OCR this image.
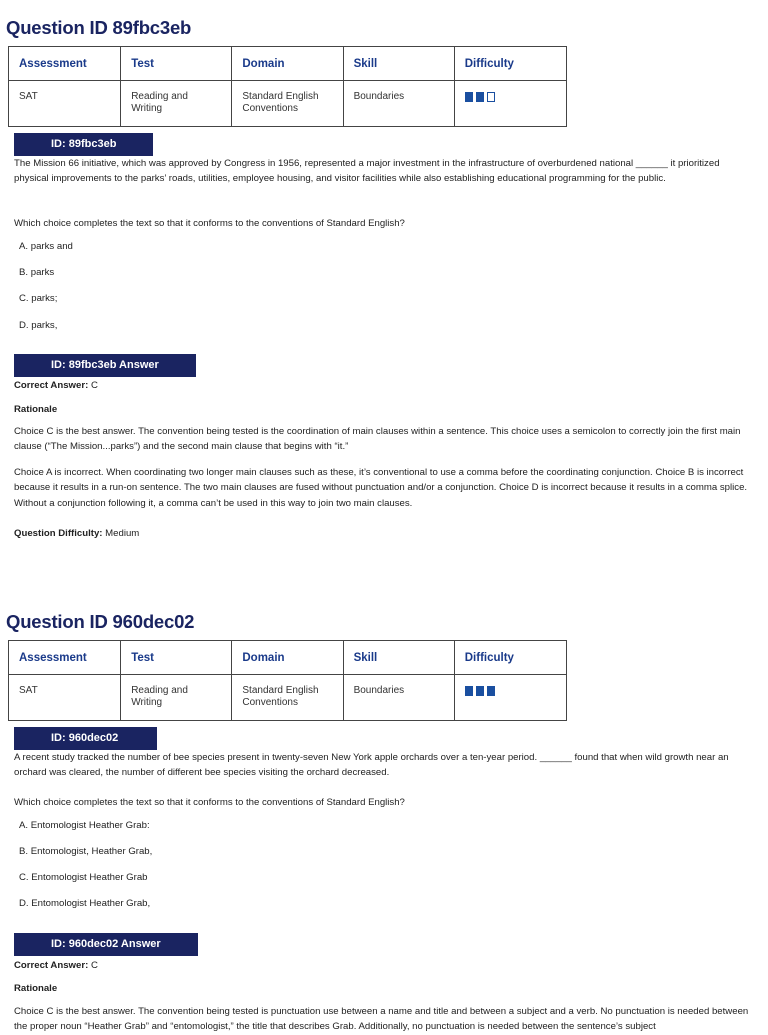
Question ID 89fbc3eb
Assessment	Test	Domain	Skill	Difficulty
SAT	Reading and Writing	Standard English
Conventions	Boundaries	
ID: 89fbc3eb

The Mission 66 initiative, which was approved by Congress in 1956, represented a major investment in the infrastructure of overburdened national ______ it prioritized physical improvements to the parks’ roads, utilities, employee housing, and visitor facilities while also establishing educational programming for the public.

Which choice completes the text so that it conforms to the conventions of Standard English?

A. parks and

B. parks

C. parks;

D. parks,

ID: 89fbc3eb Answer

Correct Answer: C

Rationale

Choice C is the best answer. The convention being tested is the coordination of main clauses within a sentence. This choice uses a semicolon to correctly join the first main clause (“The Mission...parks”) and the second main clause that begins with “it.”

Choice A is incorrect. When coordinating two longer main clauses such as these, it’s conventional to use a comma before the coordinating conjunction. Choice B is incorrect because it results in a run-on sentence. The two main clauses are fused without punctuation and/or a conjunction. Choice D is incorrect because it results in a comma splice. Without a conjunction following it, a comma can’t be used in this way to join two main clauses.

Question Difficulty: Medium

Question ID 960dec02
Assessment	Test	Domain	Skill	Difficulty
SAT	Reading and Writing	Standard English
Conventions	Boundaries	
ID: 960dec02

A recent study tracked the number of bee species present in twenty-seven New York apple orchards over a ten-year period. ______ found that when wild growth near an orchard was cleared, the number of different bee species visiting the orchard decreased.

Which choice completes the text so that it conforms to the conventions of Standard English?

A. Entomologist Heather Grab:

B. Entomologist, Heather Grab,

C. Entomologist Heather Grab

D. Entomologist Heather Grab,

ID: 960dec02 Answer

Correct Answer: C

Rationale

Choice C is the best answer. The convention being tested is punctuation use between a name and title and between a subject and a verb. No punctuation is needed between the proper noun “Heather Grab” and “entomologist,” the title that describes Grab. Additionally, no punctuation is needed between the sentence’s subject
